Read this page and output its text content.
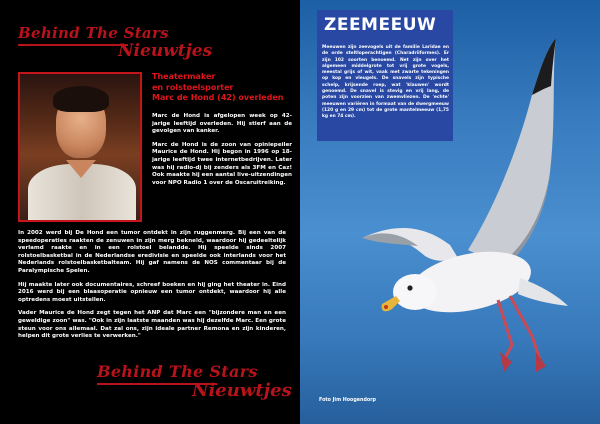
Behind The Stars
Nieuwtjes
Theatermaker
en rolstoelsporter
Marc de Hond (42) overleden

Marc de Hond is afgelopen week op 42-jarige leeftijd overleden. Hij stierf aan de gevolgen van kanker.

Marc de Hond is de zoon van opiniepeiler Maurice de Hond. Hij begon in 1996 op 18-jarige leeftijd twee internetbedrijven. Later was hij radio-dj bij zenders als 3FM en Caz! Ook maakte hij een aantal live-uitzendingen voor NPO Radio 1 over de Oscaruitreiking.

In 2002 werd bij De Hond een tumor ontdekt in zijn ruggenmerg. Bij een van de speedoperaties raakten de zenuwen in zijn merg bekneld, waardoor hij gedeeltelijk verlamd raakte en in een rolstoel belandde. Hij speelde sinds 2007 rolstoelbasketbal in de Nederlandse eredivisie en speelde ook interlands voor het Nederlands rolstoelbasketbalteam. Hij gaf namens de NOS commentaar bij de Paralympische Spelen.

Hij maakte later ook documentaires, schreef boeken en hij ging het theater in. Eind 2016 werd bij een blaasoperatie opnieuw een tumor ontdekt, waardoor hij alle optredens moest uitstellen.

Vader Maurice de Hond zegt tegen het ANP dat Marc een "bijzondere man en een geweldige zoon" was. "Ook in zijn laatste maanden was hij dezelfde Marc. Een grote steun voor ons allemaal. Dat zal ons, zijn ideale partner Remona en zijn kinderen, helpen dit grote verlies te verwerken."

Behind The Stars
Nieuwtjes
ZEEMEEUW
Meeuwen zijn zeevogels uit de familie Laridae en de orde steltloperachtigen (Charadriiformes). Er zijn 102 soorten benoemd. Net zijn over het algemeen middelgrote tot vrij grote vogels, meestal grijs of wit, vaak met zwarte tekeningen op kop en vleugels. De snavels zijn typische schelp, krijsende roep, wat 'klauwen' wordt genoemd. De snavel is stevig en vrij lang, de poten zijn voorzien van zwemvliezen. De 'echte' meeuwen variëren in formaat van de dwergmeeuw (120 g en 29 cm) tot de grote mantelmeeuw (1,75 kg en 74 cm).
Foto Jim Hoogendorp
